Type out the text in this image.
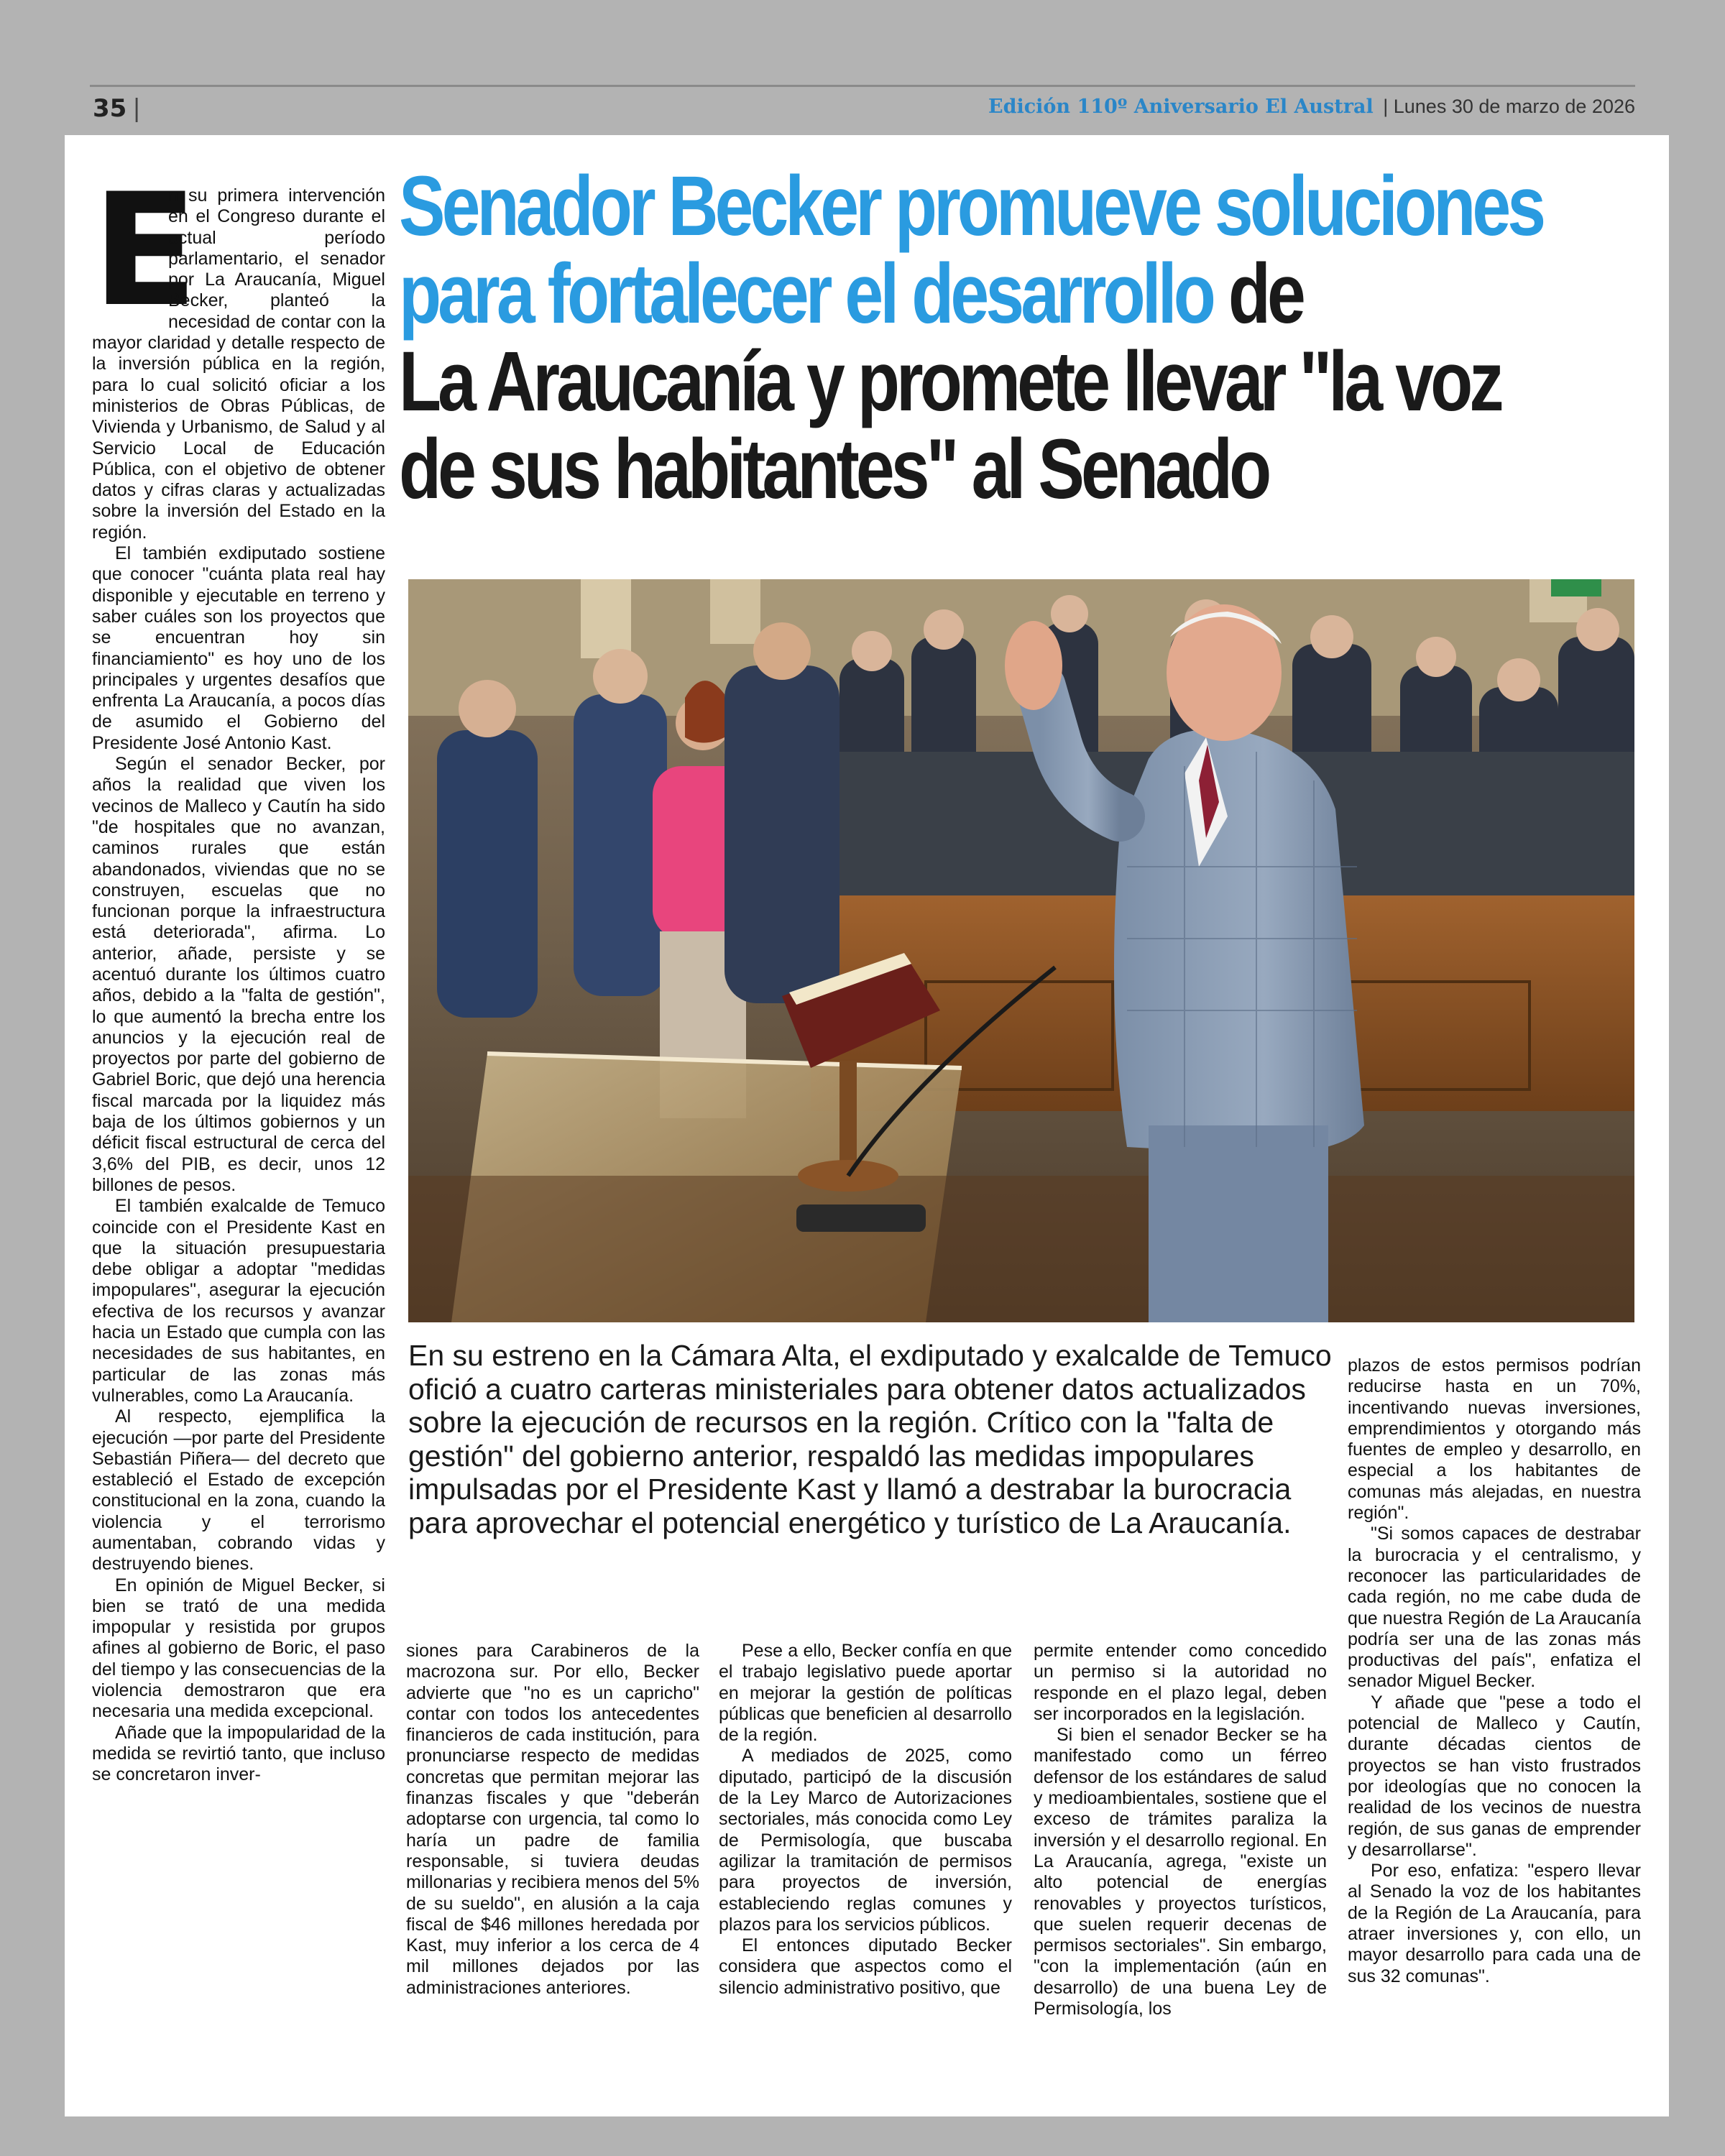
35 |	Edición 110º Aniversario El Austral | Lunes 30 de marzo de 2026

E
n su primera intervención en el Congreso durante el actual período parlamentario, el senador por La Araucanía, Miguel Becker, planteó la necesidad de contar con la mayor claridad y detalle respecto de la inversión pública en la región, para lo cual solicitó oficiar a los ministerios de Obras Públicas, de Vivienda y Urbanismo, de Salud y al Servicio Local de Educación Pública, con el objetivo de obtener datos y cifras claras y actualizadas sobre la inversión del Estado en la región.

El también exdiputado sostiene que conocer "cuánta plata real hay disponible y ejecutable en terreno y saber cuáles son los proyectos que se encuentran hoy sin financiamiento" es hoy uno de los principales y urgentes desafíos que enfrenta La Araucanía, a pocos días de asumido el Gobierno del Presidente José Antonio Kast.

Según el senador Becker, por años la realidad que viven los vecinos de Malleco y Cautín ha sido "de hospitales que no avanzan, caminos rurales que están abandonados, viviendas que no se construyen, escuelas que no funcionan porque la infraestructura está deteriorada", afirma. Lo anterior, añade, persiste y se acentuó durante los últimos cuatro años, debido a la "falta de gestión", lo que aumentó la brecha entre los anuncios y la ejecución real de proyectos por parte del gobierno de Gabriel Boric, que dejó una herencia fiscal marcada por la liquidez más baja de los últimos gobiernos y un déficit fiscal estructural de cerca del 3,6% del PIB, es decir, unos 12 billones de pesos.

El también exalcalde de Temuco coincide con el Presidente Kast en que la situación presupuestaria debe obligar a adoptar "medidas impopulares", asegurar la ejecución efectiva de los recursos y avanzar hacia un Estado que cumpla con las necesidades de sus habitantes, en particular de las zonas más vulnerables, como La Araucanía.

Al respecto, ejemplifica la ejecución —por parte del Presidente Sebastián Piñera— del decreto que estableció el Estado de excepción constitucional en la zona, cuando la violencia y el terrorismo aumentaban, cobrando vidas y destruyendo bienes.

En opinión de Miguel Becker, si bien se trató de una medida impopular y resistida por grupos afines al gobierno de Boric, el paso del tiempo y las consecuencias de la violencia demostraron que era necesaria una medida excepcional.

Añade que la impopularidad de la medida se revirtió tanto, que incluso se concretaron inver-

Senador Becker promueve soluciones
para fortalecer el desarrollo de
La Araucanía y promete llevar "la voz
de sus habitantes" al Senado
En su estreno en la Cámara Alta, el exdiputado y exalcalde de Temuco ofició a cuatro carteras ministeriales para obtener datos actualizados sobre la ejecución de recursos en la región. Crítico con la "falta de gestión" del gobierno anterior, respaldó las medidas impopulares impulsadas por el Presidente Kast y llamó a destrabar la burocracia para aprovechar el potencial energético y turístico de La Araucanía.

siones para Carabineros de la macrozona sur. Por ello, Becker advierte que "no es un capricho" contar con todos los antecedentes financieros de cada institución, para pronunciarse respecto de medidas concretas que permitan mejorar las finanzas fiscales y que "deberán adoptarse con urgencia, tal como lo haría un padre de familia responsable, si tuviera deudas millonarias y recibiera menos del 5% de su sueldo", en alusión a la caja fiscal de $46 millones heredada por Kast, muy inferior a los cerca de 4 mil millones dejados por las administraciones anteriores.

Pese a ello, Becker confía en que el trabajo legislativo puede aportar en mejorar la gestión de políticas públicas que beneficien al desarrollo de la región.

A mediados de 2025, como diputado, participó de la discusión de la Ley Marco de Autorizaciones sectoriales, más conocida como Ley de Permisología, que buscaba agilizar la tramitación de permisos para proyectos de inversión, estableciendo reglas comunes y plazos para los servicios públicos.

El entonces diputado Becker considera que aspectos como el silencio administrativo positivo, que

permite entender como concedido un permiso si la autoridad no responde en el plazo legal, deben ser incorporados en la legislación.

Si bien el senador Becker se ha manifestado como un férreo defensor de los estándares de salud y medioambientales, sostiene que el exceso de trámites paraliza la inversión y el desarrollo regional. En La Araucanía, agrega, "existe un alto potencial de energías renovables y proyectos turísticos, que suelen requerir decenas de permisos sectoriales". Sin embargo, "con la implementación (aún en desarrollo) de una buena Ley de Permisología, los

plazos de estos permisos podrían reducirse hasta en un 70%, incentivando nuevas inversiones, emprendimientos y otorgando más fuentes de empleo y desarrollo, en especial a los habitantes de comunas más alejadas, en nuestra región".

"Si somos capaces de destrabar la burocracia y el centralismo, y reconocer las particularidades de cada región, no me cabe duda de que nuestra Región de La Araucanía podría ser una de las zonas más productivas del país", enfatiza el senador Miguel Becker.

Y añade que "pese a todo el potencial de Malleco y Cautín, durante décadas cientos de proyectos se han visto frustrados por ideologías que no conocen la realidad de los vecinos de nuestra región, de sus ganas de emprender y desarrollarse".

Por eso, enfatiza: "espero llevar al Senado la voz de los habitantes de la Región de La Araucanía, para atraer inversiones y, con ello, un mayor desarrollo para cada una de sus 32 comunas".
